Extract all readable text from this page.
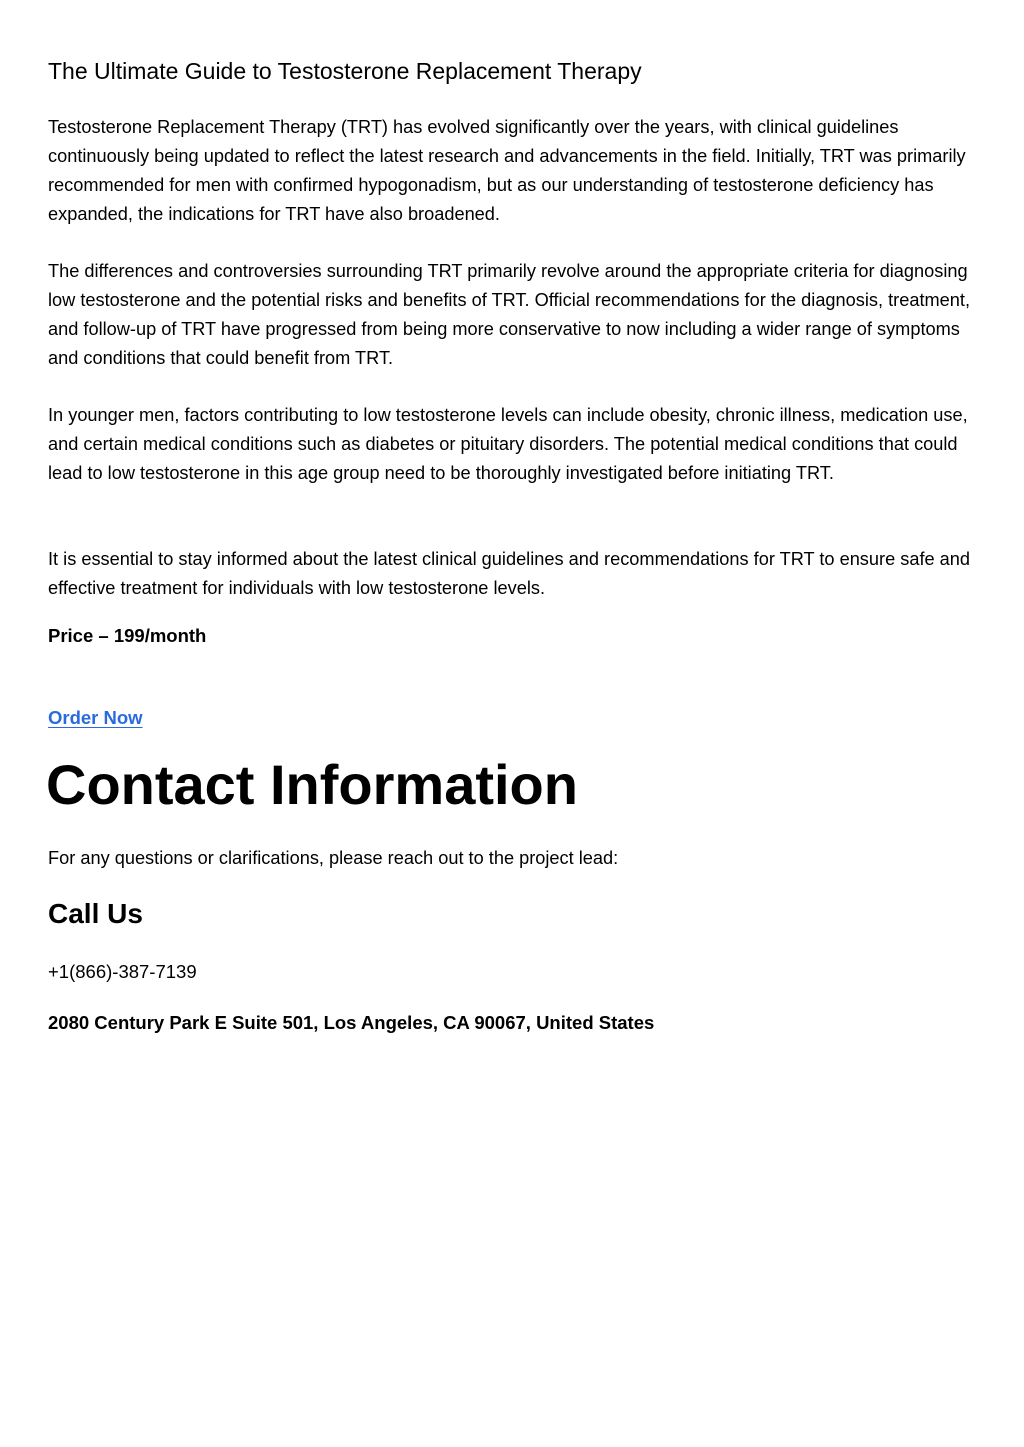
The Ultimate Guide to Testosterone Replacement Therapy

Testosterone Replacement Therapy (TRT) has evolved significantly over the years, with clinical guidelines continuously being updated to reflect the latest research and advancements in the field. Initially, TRT was primarily recommended for men with confirmed hypogonadism, but as our understanding of testosterone deficiency has expanded, the indications for TRT have also broadened.

The differences and controversies surrounding TRT primarily revolve around the appropriate criteria for diagnosing low testosterone and the potential risks and benefits of TRT. Official recommendations for the diagnosis, treatment, and follow-up of TRT have progressed from being more conservative to now including a wider range of symptoms and conditions that could benefit from TRT.

In younger men, factors contributing to low testosterone levels can include obesity, chronic illness, medication use, and certain medical conditions such as diabetes or pituitary disorders. The potential medical conditions that could lead to low testosterone in this age group need to be thoroughly investigated before initiating TRT.

It is essential to stay informed about the latest clinical guidelines and recommendations for TRT to ensure safe and effective treatment for individuals with low testosterone levels.

Price – 199/month

Order Now
Contact Information

For any questions or clarifications, please reach out to the project lead:

Call Us

+1(866)-387-7139

2080 Century Park E Suite 501, Los Angeles, CA 90067, United States
